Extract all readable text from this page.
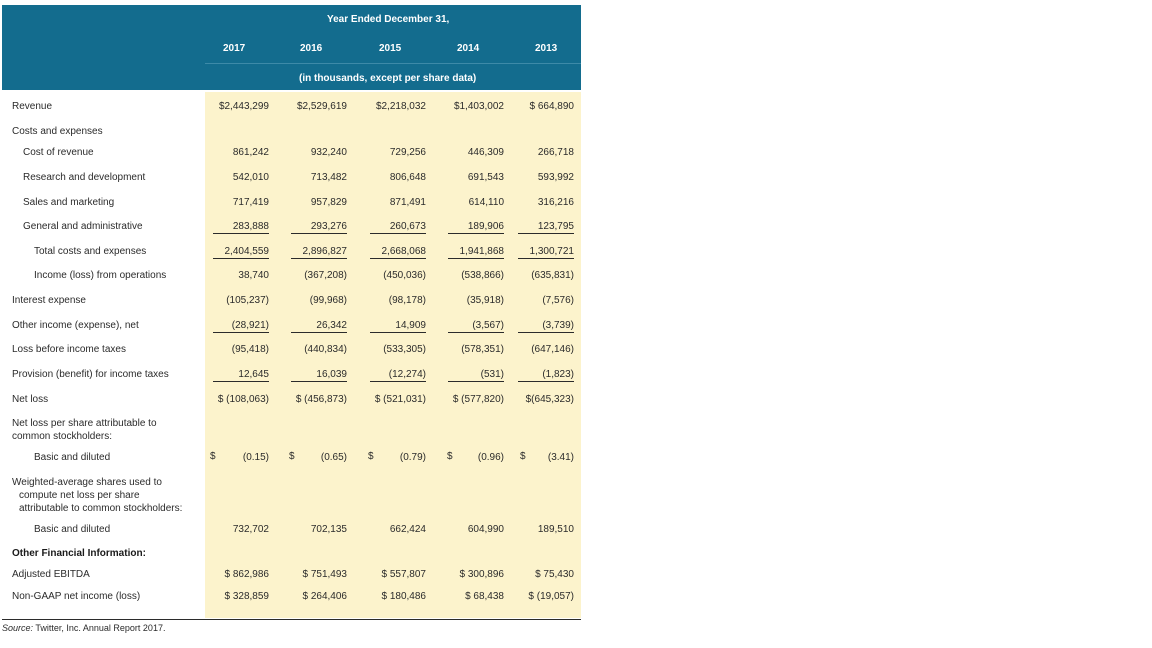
Year Ended December 31,
2017	2016	2015	2014	2013
(in thousands, except per share data)
Revenue	$2,443,299	$2,529,619	$2,218,032	$1,403,002	$ 664,890
Costs and expenses
Cost of revenue	861,242	932,240	729,256	446,309	266,718
Research and development	542,010	713,482	806,648	691,543	593,992
Sales and marketing	717,419	957,829	871,491	614,110	316,216
General and administrative	283,888	293,276	260,673	189,906	123,795
Total costs and expenses	2,404,559	2,896,827	2,668,068	1,941,868	1,300,721
Income (loss) from operations	38,740	(367,208)	(450,036)	(538,866)	(635,831)
Interest expense	(105,237)	(99,968)	(98,178)	(35,918)	(7,576)
Other income (expense), net	(28,921)	26,342	14,909	(3,567)	(3,739)
Loss before income taxes	(95,418)	(440,834)	(533,305)	(578,351)	(647,146)
Provision (benefit) for income taxes	12,645	16,039	(12,274)	(531)	(1,823)
Net loss	$ (108,063)	$ (456,873)	$ (521,031)	$ (577,820) $(645,323)
Net loss per share attributable to
common stockholders:
Basic and diluted	(0.15)	(0.65)	(0.79)	(0.96)	(3.41)
$	$	$	$	$
Weighted-average shares used to
compute net loss per share
attributable to common stockholders:
Basic and diluted	732,702	702,135	662,424	604,990	189,510
Other Financial Information:
Adjusted EBITDA	$ 862,986	$ 751,493	$ 557,807	$ 300,896	$ 75,430
Non-GAAP net income (loss)	$ 328,859	$ 264,406	$ 180,486	$ 68,438 $ (19,057)
Source: Twitter, Inc. Annual Report 2017.
